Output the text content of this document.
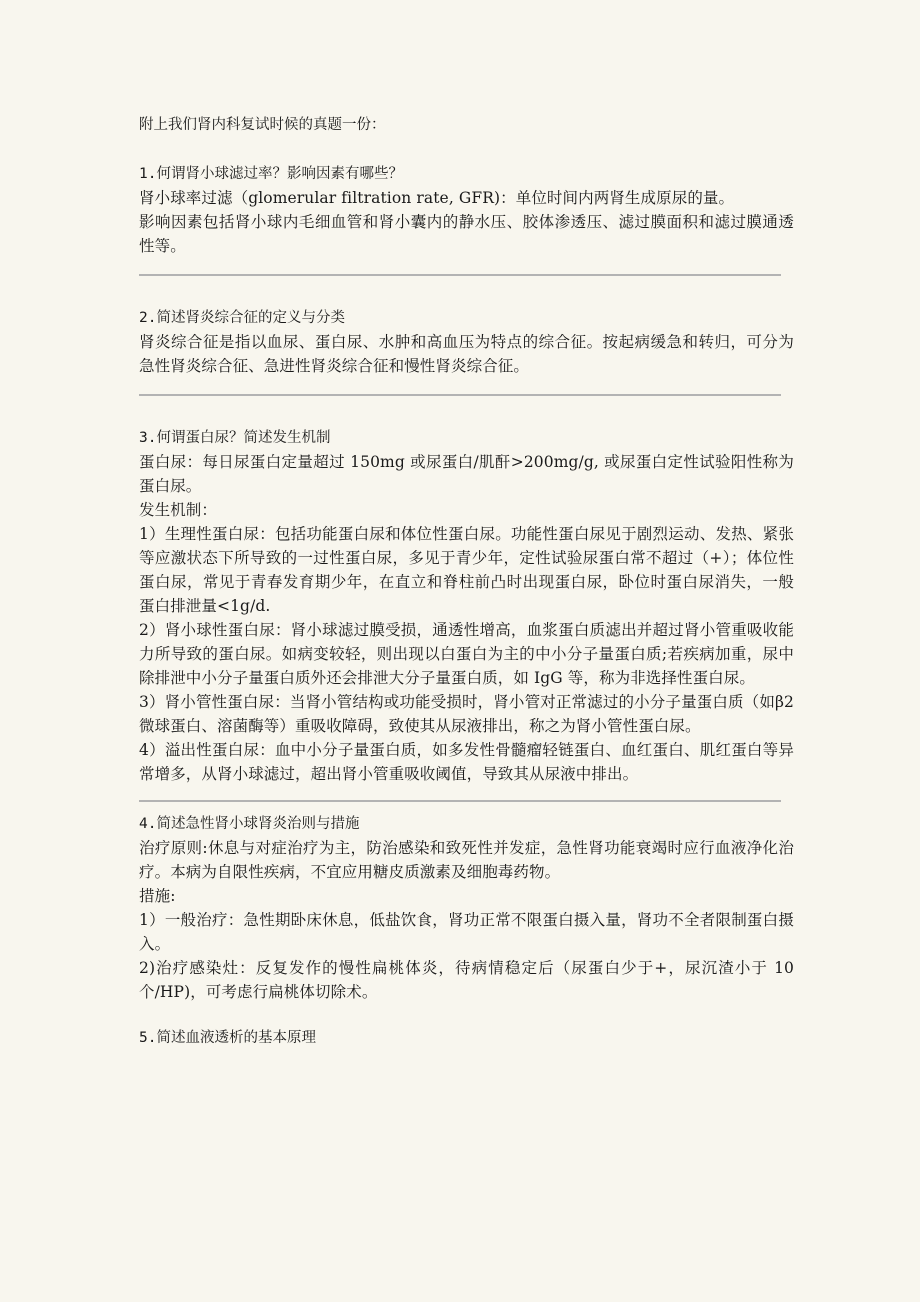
附上我们肾内科复试时候的真题一份：

1.何谓肾小球滤过率？影响因素有哪些？

肾小球率过滤（glomerular filtration rate, GFR)：单位时间内两肾生成原尿的量。

影响因素包括肾小球内毛细血管和肾小囊内的静水压、胶体渗透压、滤过膜面积和滤过膜通透性等。

2.简述肾炎综合征的定义与分类

肾炎综合征是指以血尿、蛋白尿、水肿和高血压为特点的综合征。按起病缓急和转归，可分为急性肾炎综合征、急进性肾炎综合征和慢性肾炎综合征。

3.何谓蛋白尿？简述发生机制

蛋白尿：每日尿蛋白定量超过 150mg 或尿蛋白/肌酐>200mg/g, 或尿蛋白定性试验阳性称为蛋白尿。

发生机制：

1）生理性蛋白尿：包括功能蛋白尿和体位性蛋白尿。功能性蛋白尿见于剧烈运动、发热、紧张等应激状态下所导致的一过性蛋白尿，多见于青少年，定性试验尿蛋白常不超过（+）；体位性蛋白尿，常见于青春发育期少年，在直立和脊柱前凸时出现蛋白尿，卧位时蛋白尿消失，一般蛋白排泄量<1g/d.

2）肾小球性蛋白尿：肾小球滤过膜受损，通透性增高，血浆蛋白质滤出并超过肾小管重吸收能力所导致的蛋白尿。如病变较轻，则出现以白蛋白为主的中小分子量蛋白质;若疾病加重，尿中除排泄中小分子量蛋白质外还会排泄大分子量蛋白质，如 IgG 等，称为非选择性蛋白尿。

3）肾小管性蛋白尿：当肾小管结构或功能受损时，肾小管对正常滤过的小分子量蛋白质（如β2 微球蛋白、溶菌酶等）重吸收障碍，致使其从尿液排出，称之为肾小管性蛋白尿。

4）溢出性蛋白尿：血中小分子量蛋白质，如多发性骨髓瘤轻链蛋白、血红蛋白、肌红蛋白等异常增多，从肾小球滤过，超出肾小管重吸收阈值，导致其从尿液中排出。

4.简述急性肾小球肾炎治则与措施

治疗原则:休息与对症治疗为主，防治感染和致死性并发症，急性肾功能衰竭时应行血液净化治疗。本病为自限性疾病，不宜应用糖皮质激素及细胞毒药物。

措施:

1）一般治疗：急性期卧床休息，低盐饮食，肾功正常不限蛋白摄入量，肾功不全者限制蛋白摄入。

2)治疗感染灶：反复发作的慢性扁桃体炎，待病情稳定后（尿蛋白少于+，尿沉渣小于 10 个/HP)，可考虑行扁桃体切除术。

5.简述血液透析的基本原理
